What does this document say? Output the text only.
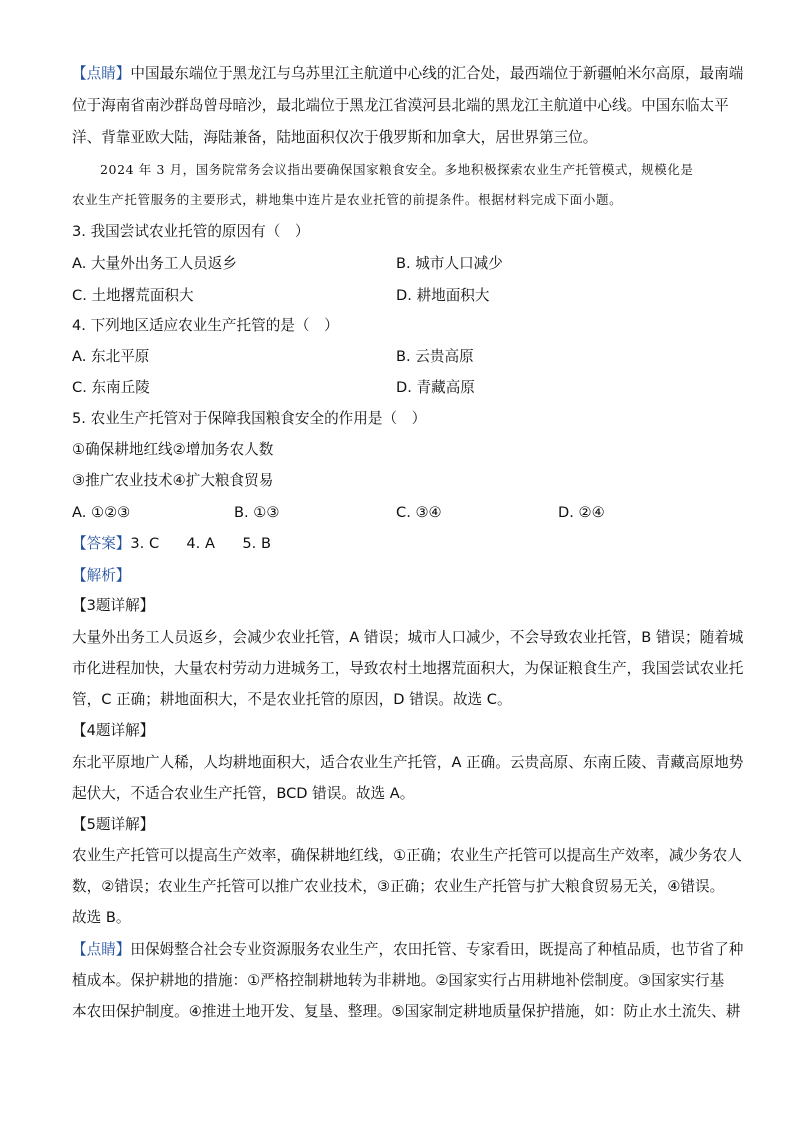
【点睛】中国最东端位于黑龙江与乌苏里江主航道中心线的汇合处，最西端位于新疆帕米尔高原，最南端
位于海南省南沙群岛曾母暗沙，最北端位于黑龙江省漠河县北端的黑龙江主航道中心线。中国东临太平
洋、背靠亚欧大陆，海陆兼备，陆地面积仅次于俄罗斯和加拿大，居世界第三位。
2024 年 3 月，国务院常务会议指出要确保国家粮食安全。多地积极探索农业生产托管模式，规模化是
农业生产托管服务的主要形式，耕地集中连片是农业托管的前提条件。根据材料完成下面小题。
3. 我国尝试农业托管的原因有（　）
A. 大量外出务工人员返乡	B. 城市人口减少
C. 土地撂荒面积大	D. 耕地面积大
4. 下列地区适应农业生产托管的是（　）
A. 东北平原	B. 云贵高原
C. 东南丘陵	D. 青藏高原
5. 农业生产托管对于保障我国粮食安全的作用是（　）
①确保耕地红线②增加务农人数
③推广农业技术④扩大粮食贸易
A. ①②③	B. ①③	C. ③④	D. ②④
【答案】3. C 4. A 5. B
【解析】
【3题详解】
大量外出务工人员返乡，会减少农业托管，A 错误；城市人口减少，不会导致农业托管，B 错误；随着城
市化进程加快，大量农村劳动力进城务工，导致农村土地撂荒面积大，为保证粮食生产，我国尝试农业托
管，C 正确；耕地面积大，不是农业托管的原因，D 错误。故选 C。
【4题详解】
东北平原地广人稀，人均耕地面积大，适合农业生产托管，A 正确。云贵高原、东南丘陵、青藏高原地势
起伏大，不适合农业生产托管，BCD 错误。故选 A。
【5题详解】
农业生产托管可以提高生产效率，确保耕地红线，①正确；农业生产托管可以提高生产效率，减少务农人
数，②错误；农业生产托管可以推广农业技术，③正确；农业生产托管与扩大粮食贸易无关，④错误。
故选 B。
【点睛】田保姆整合社会专业资源服务农业生产，农田托管、专家看田，既提高了种植品质，也节省了种
植成本。保护耕地的措施：①严格控制耕地转为非耕地。②国家实行占用耕地补偿制度。③国家实行基
本农田保护制度。④推进土地开发、复垦、整理。⑤国家制定耕地质量保护措施，如：防止水土流失、耕
